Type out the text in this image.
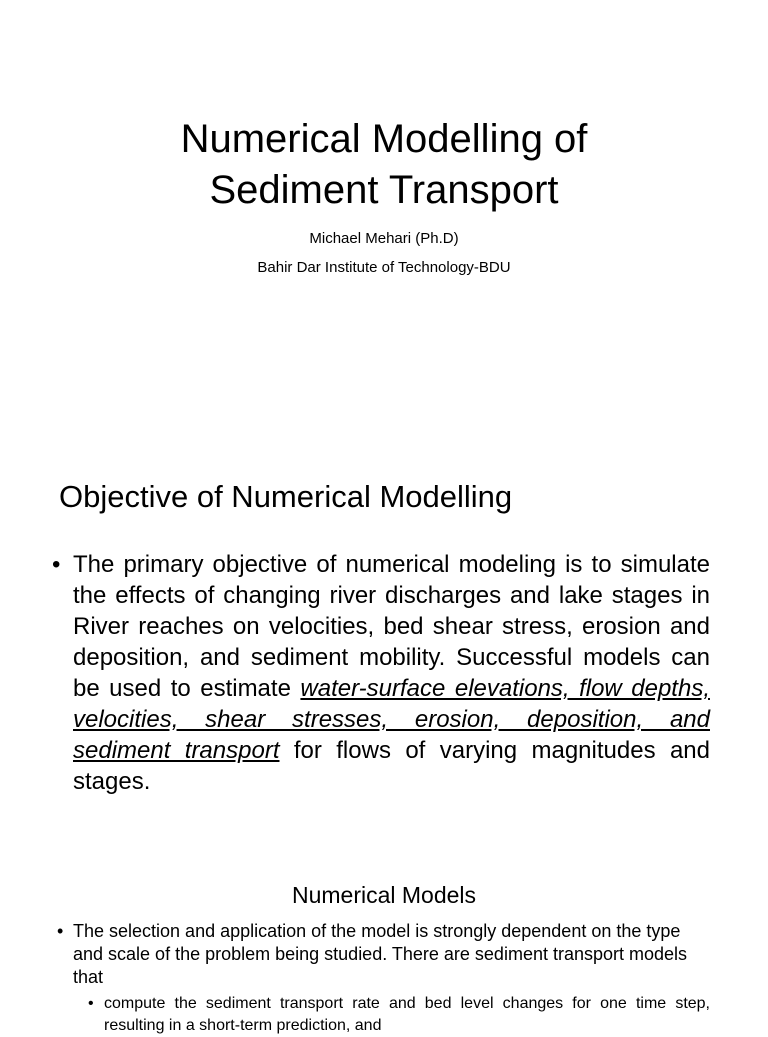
Numerical Modelling of
Sediment Transport

Michael Mehari (Ph.D)

Bahir Dar Institute of Technology-BDU

Objective of Numerical Modelling
• The primary objective of numerical modeling is to simulate the effects of changing river discharges and lake stages in River reaches on velocities, bed shear stress, erosion and deposition, and sediment mobility. Successful models can be used to estimate water-surface elevations, flow depths, velocities, shear stresses, erosion, deposition, and sediment transport for flows of varying magnitudes and stages.

Numerical Models
• The selection and application of the model is strongly dependent on the type and scale of the problem being studied. There are sediment transport models that

• compute the sediment transport rate and bed level changes for one time step, resulting in a short-term prediction, and
